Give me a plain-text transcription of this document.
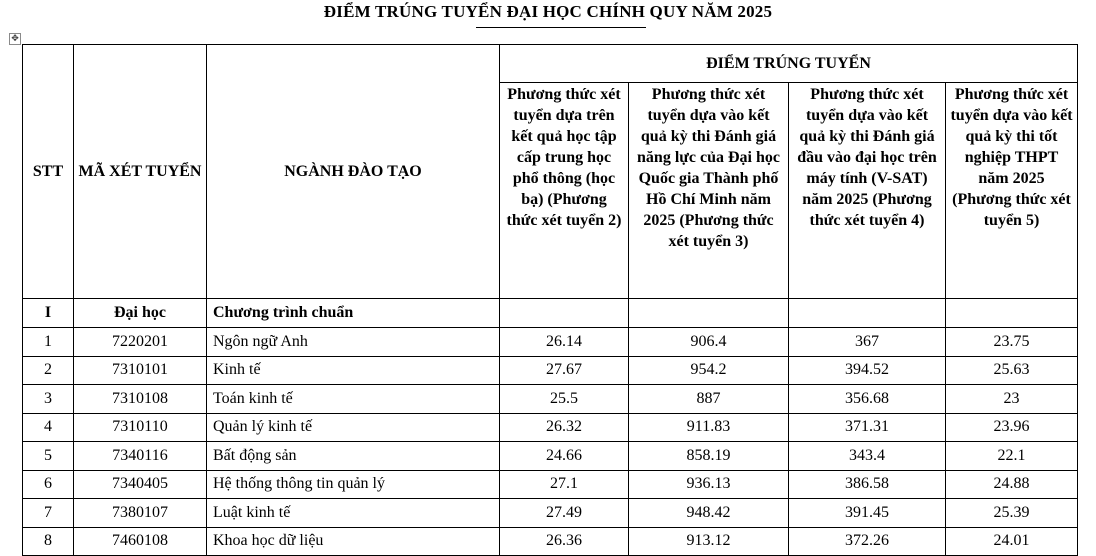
ĐIỂM TRÚNG TUYỂN ĐẠI HỌC CHÍNH QUY NĂM 2025
✥
STT	MÃ XÉT TUYỂN	NGÀNH ĐÀO TẠO	ĐIỂM TRÚNG TUYỂN			
			Phương thức xét tuyển dựa trên kết quả học tập cấp trung học phổ thông (học bạ) (Phương thức xét tuyển 2)	Phương thức xét tuyển dựa vào kết quả kỳ thi Đánh giá năng lực của Đại học Quốc gia Thành phố Hồ Chí Minh năm 2025 (Phương thức xét tuyển 3)	Phương thức xét tuyển dựa vào kết quả kỳ thi Đánh giá đầu vào đại học trên máy tính (V-SAT) năm 2025 (Phương thức xét tuyển 4)	Phương thức xét tuyển dựa vào kết quả kỳ thi tốt nghiệp THPT năm 2025 (Phương thức xét tuyển 5)
I	Đại học	Chương trình chuẩn				
1	7220201	Ngôn ngữ Anh	26.14	906.4	367	23.75
2	7310101	Kinh tế	27.67	954.2	394.52	25.63
3	7310108	Toán kinh tế	25.5	887	356.68	23
4	7310110	Quản lý kinh tế	26.32	911.83	371.31	23.96
5	7340116	Bất động sản	24.66	858.19	343.4	22.1
6	7340405	Hệ thống thông tin quản lý	27.1	936.13	386.58	24.88
7	7380107	Luật kinh tế	27.49	948.42	391.45	25.39
8	7460108	Khoa học dữ liệu	26.36	913.12	372.26	24.01
